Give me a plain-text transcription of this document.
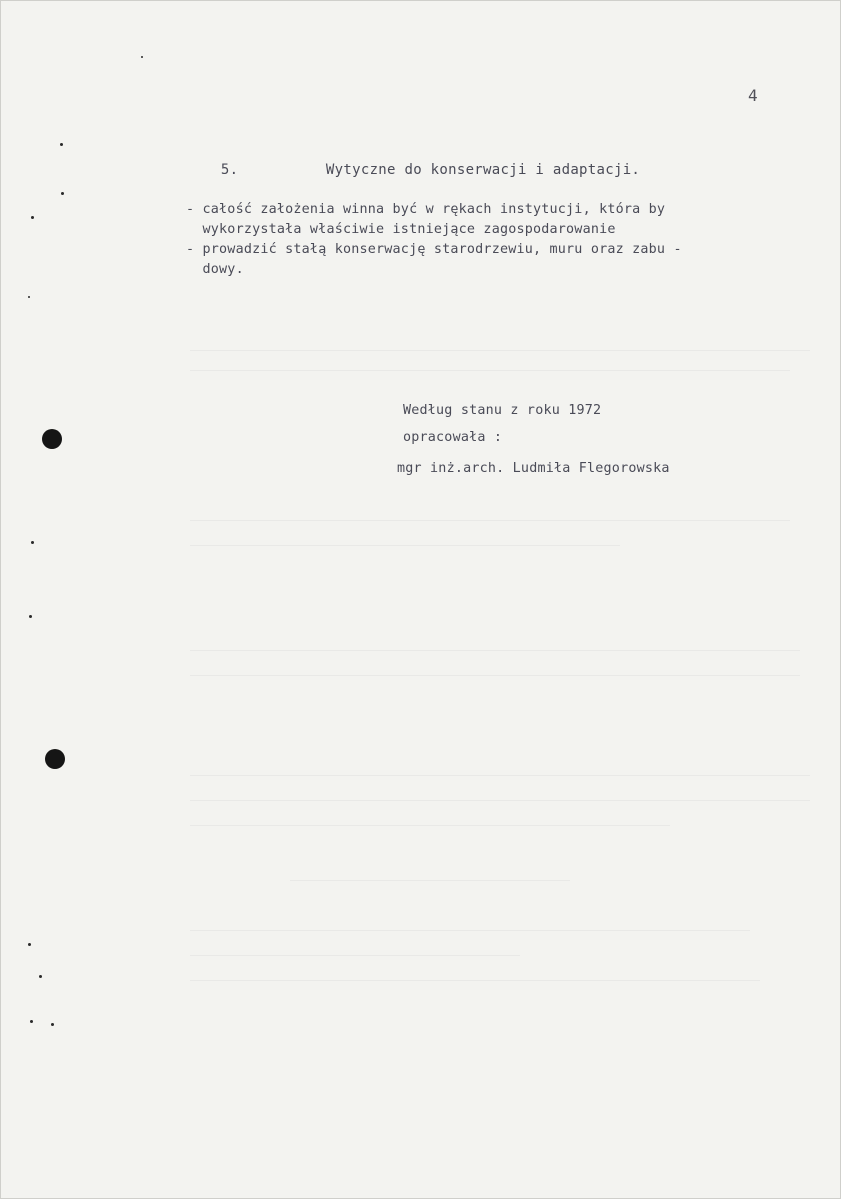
4

5.	Wytyczne do konserwacji i adaptacji.

- całość założenia winna być w rękach instytucji, która by
wykorzystała właściwie istniejące zagospodarowanie
- prowadzić stałą konserwację starodrzewiu, muru oraz zabu -
dowy.
Według stanu z roku 1972
opracowała :
mgr inż.arch. Ludmiła Flegorowska
